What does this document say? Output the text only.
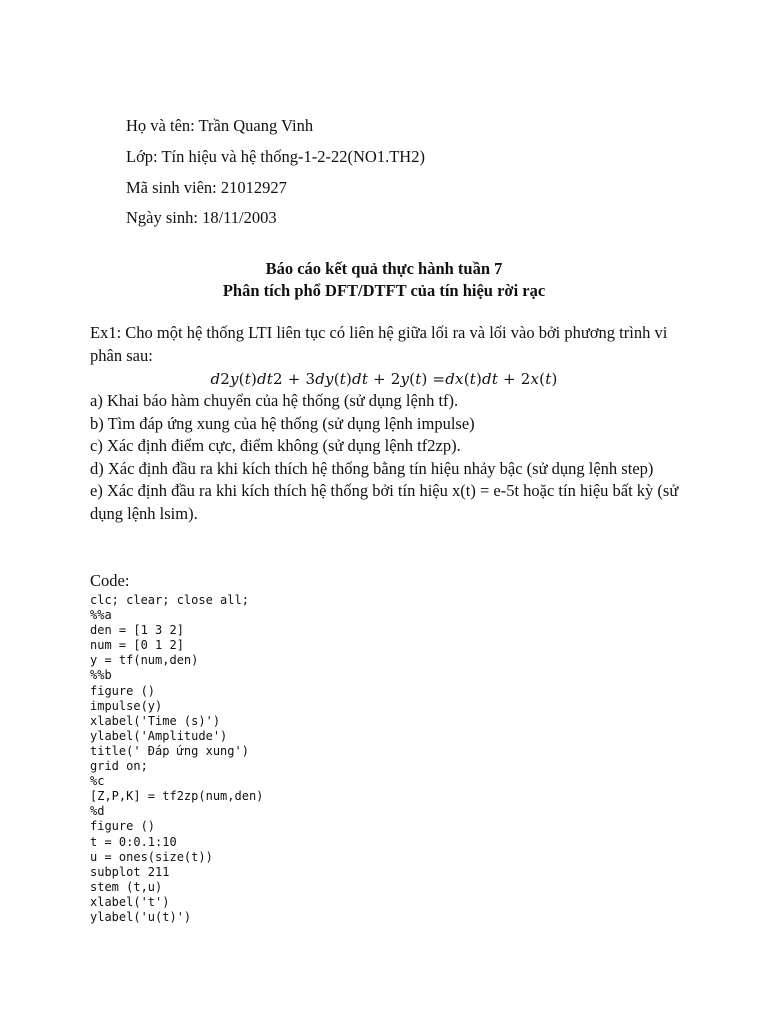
Họ và tên: Trần Quang Vinh
Lớp: Tín hiệu và hệ thống-1-2-22(NO1.TH2)
Mã sinh viên: 21012927
Ngày sinh: 18/11/2003
Báo cáo kết quả thực hành tuần 7
Phân tích phổ DFT/DTFT của tín hiệu rời rạc

Ex1: Cho một hệ thống LTI liên tục có liên hệ giữa lối ra và lối vào bởi phương trình vi phân sau:

𝑑2𝑦(𝑡)𝑑𝑡2 + 3𝑑𝑦(𝑡)𝑑𝑡 + 2𝑦(𝑡) =𝑑𝑥(𝑡)𝑑𝑡 + 2𝑥(𝑡)

a) Khai báo hàm chuyển của hệ thống (sử dụng lệnh tf).

b) Tìm đáp ứng xung của hệ thống (sử dụng lệnh impulse)

c) Xác định điểm cực, điểm không (sử dụng lệnh tf2zp).

d) Xác định đầu ra khi kích thích hệ thống bằng tín hiệu nhảy bậc (sử dụng lệnh step)

e) Xác định đầu ra khi kích thích hệ thống bởi tín hiệu x(t) = e-5t hoặc tín hiệu bất kỳ (sử dụng lệnh lsim).

Code:
clc; clear; close all;
%%a
den = [1 3 2]
num = [0 1 2]
y = tf(num,den)
%%b
figure ()
impulse(y)
xlabel('Time (s)')
ylabel('Amplitude')
title(' Đáp ứng xung')
grid on;
%c
[Z,P,K] = tf2zp(num,den)
%d
figure ()
t = 0:0.1:10
u = ones(size(t))
subplot 211
stem (t,u)
xlabel('t')
ylabel('u(t)')
